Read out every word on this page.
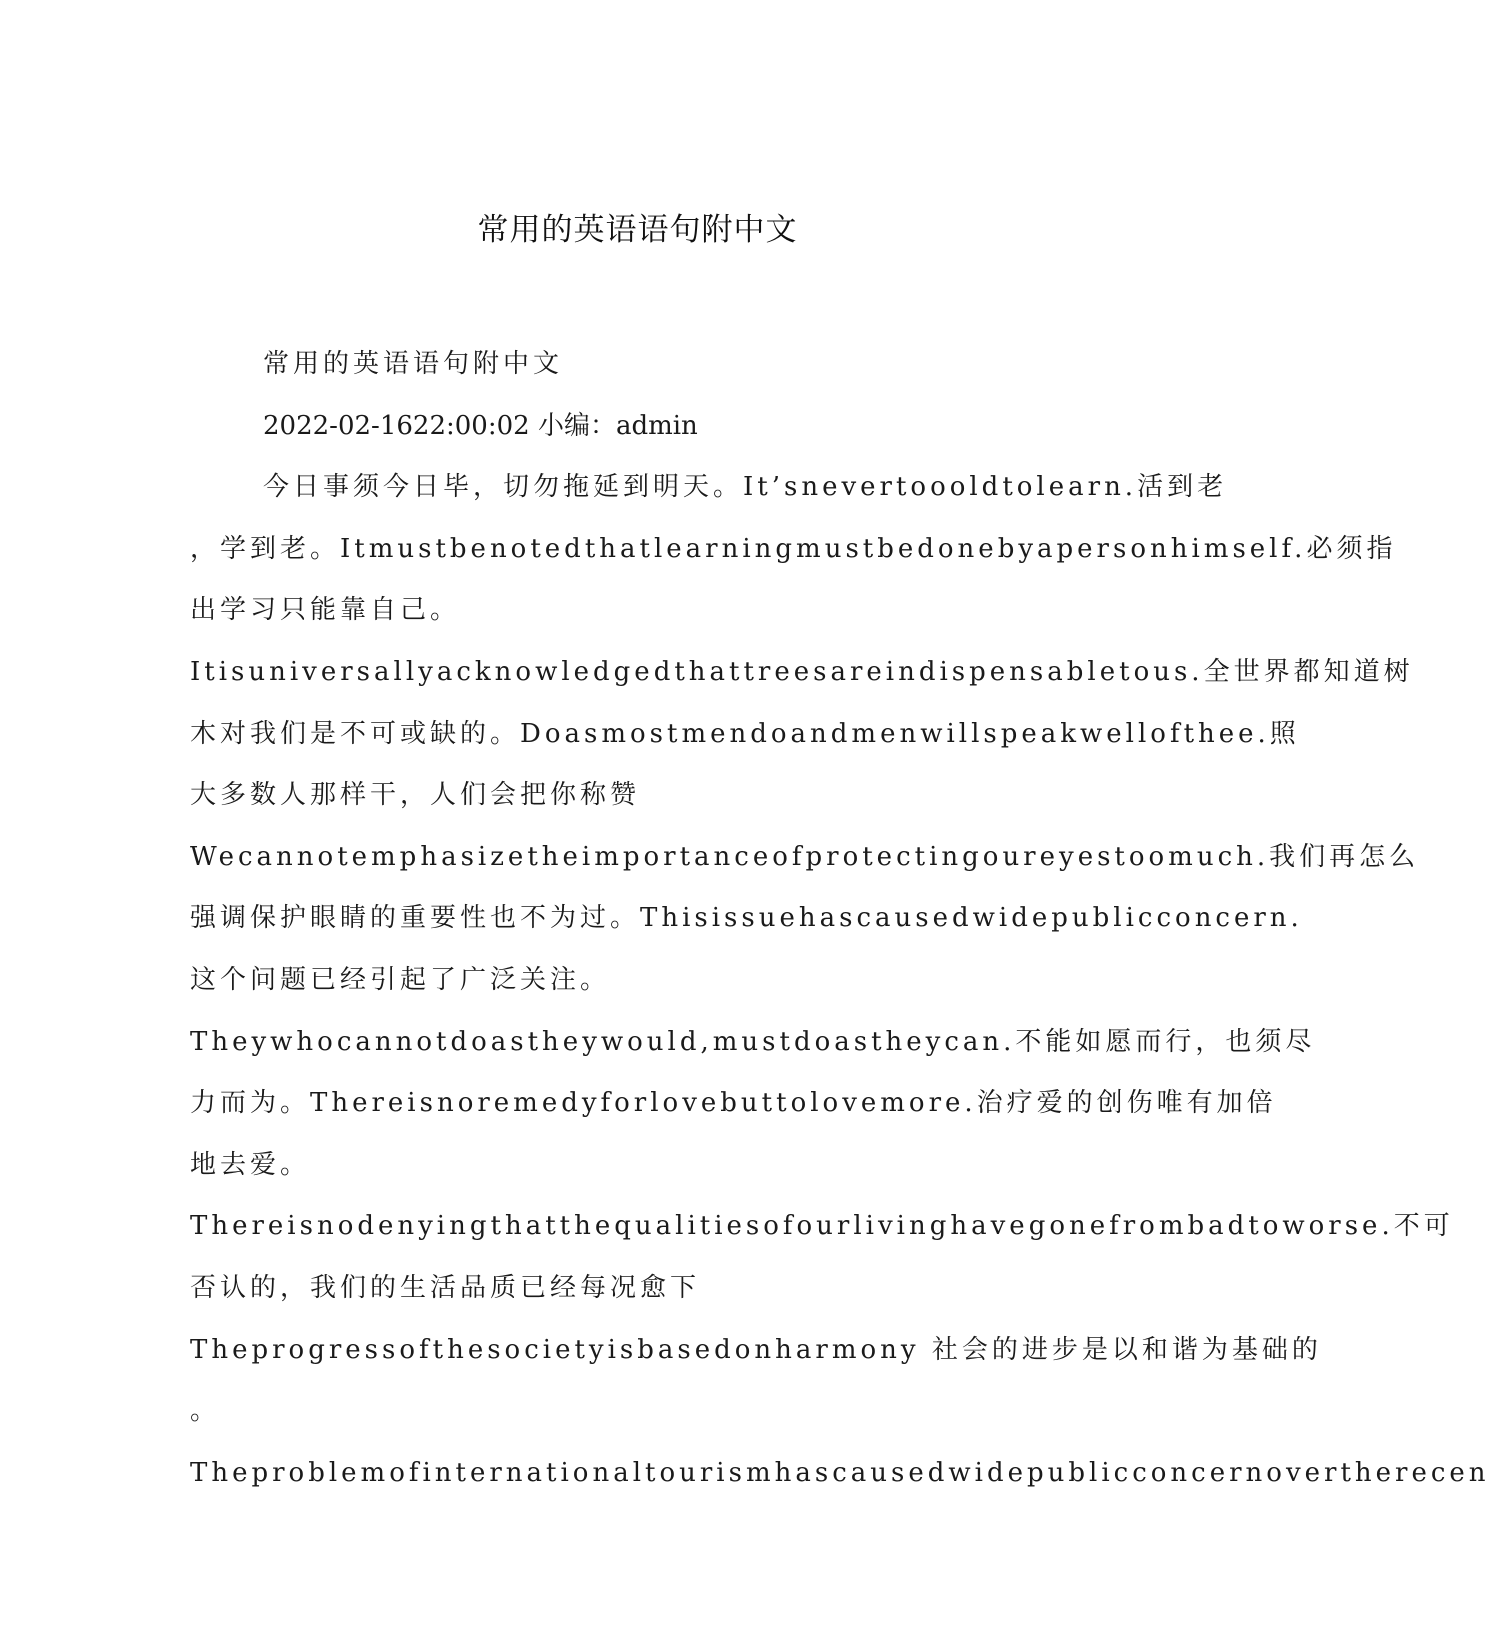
常用的英语语句附中文

常用的英语语句附中文

2022-02-1622:00:02 小编：admin

今日事须今日毕，切勿拖延到明天。It’snevertoooldtolearn.活到老
，学到老。Itmustbenotedthatlearningmustbedonebyapersonhimself.必须指
出学习只能靠自己。
Itisuniversallyacknowledgedthattreesareindispensabletous.全世界都知道树
木对我们是不可或缺的。Doasmostmendoandmenwillspeakwellofthee.照
大多数人那样干，人们会把你称赞
Wecannotemphasizetheimportanceofprotectingoureyestoomuch.我们再怎么
强调保护眼睛的重要性也不为过。Thisissuehascausedwidepublicconcern.
这个问题已经引起了广泛关注。
Theywhocannotdoastheywould,mustdoastheycan.不能如愿而行，也须尽
力而为。Thereisnoremedyforlovebuttolovemore.治疗爱的创伤唯有加倍
地去爱。
Thereisnodenyingthatthequalitiesofourlivinghavegonefrombadtoworse.不可
否认的，我们的生活品质已经每况愈下
Theprogressofthesocietyisbasedonharmony 社会的进步是以和谐为基础的
。
Theproblemofinternationaltourismhascausedwidepublicconcernovertherecen
